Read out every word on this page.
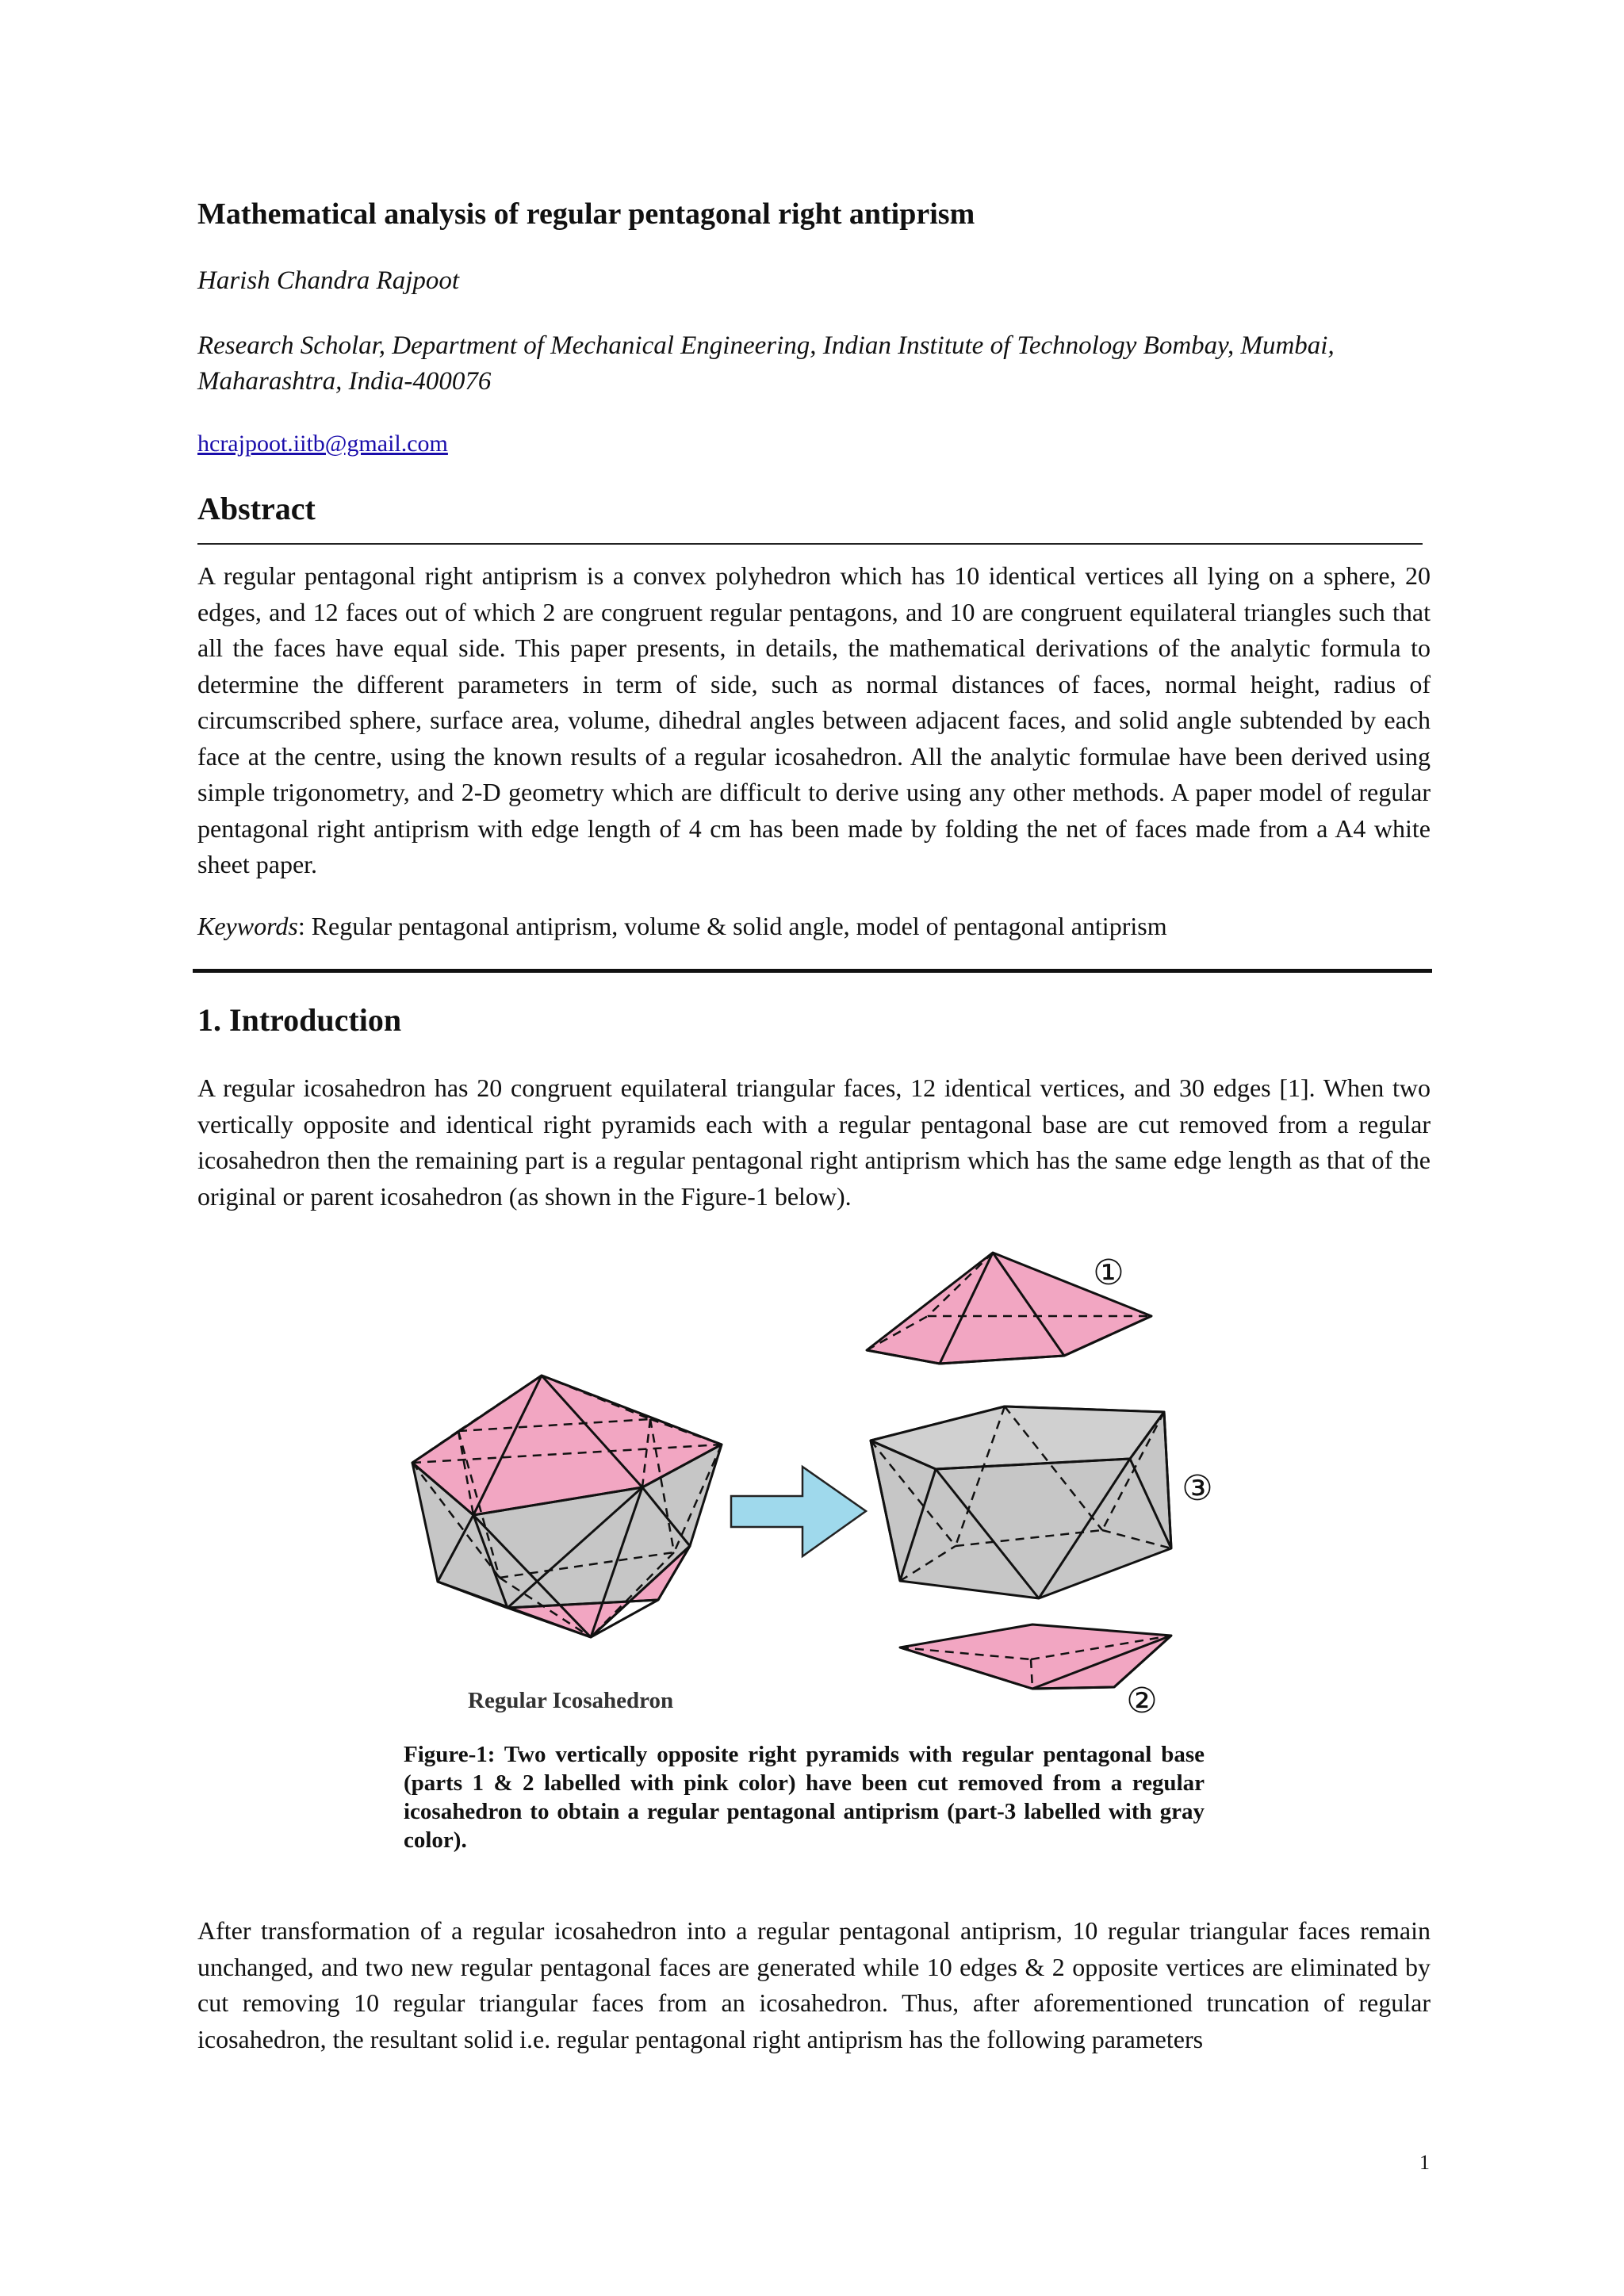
Mathematical analysis of regular pentagonal right antiprism

Harish Chandra Rajpoot

Research Scholar, Department of Mechanical Engineering, Indian Institute of Technology Bombay, Mumbai, Maharashtra, India-400076

hcrajpoot.iitb@gmail.com
Abstract

A regular pentagonal right antiprism is a convex polyhedron which has 10 identical vertices all lying on a sphere, 20 edges, and 12 faces out of which 2 are congruent regular pentagons, and 10 are congruent equilateral triangles such that all the faces have equal side. This paper presents, in details, the mathematical derivations of the analytic formula to determine the different parameters in term of side, such as normal distances of faces, normal height, radius of circumscribed sphere, surface area, volume, dihedral angles between adjacent faces, and solid angle subtended by each face at the centre, using the known results of a regular icosahedron. All the analytic formulae have been derived using simple trigonometry, and 2-D geometry which are difficult to derive using any other methods. A paper model of regular pentagonal right antiprism with edge length of 4 cm has been made by folding the net of faces made from a A4 white sheet paper.

Keywords: Regular pentagonal antiprism, volume & solid angle, model of pentagonal antiprism

1. Introduction

A regular icosahedron has 20 congruent equilateral triangular faces, 12 identical vertices, and 30 edges [1]. When two vertically opposite and identical right pyramids each with a regular pentagonal base are cut removed from a regular icosahedron then the remaining part is a regular pentagonal right antiprism which has the same edge length as that of the original or parent icosahedron (as shown in the Figure-1 below).

Regular Icosahedron
①
③
②

Figure-1: Two vertically opposite right pyramids with regular pentagonal base (parts 1 & 2 labelled with pink color) have been cut removed from a regular icosahedron to obtain a regular pentagonal antiprism (part-3 labelled with gray color).

After transformation of a regular icosahedron into a regular pentagonal antiprism, 10 regular triangular faces remain unchanged, and two new regular pentagonal faces are generated while 10 edges & 2 opposite vertices are eliminated by cut removing 10 regular triangular faces from an icosahedron. Thus, after aforementioned truncation of regular icosahedron, the resultant solid i.e. regular pentagonal right antiprism has the following parameters

1
